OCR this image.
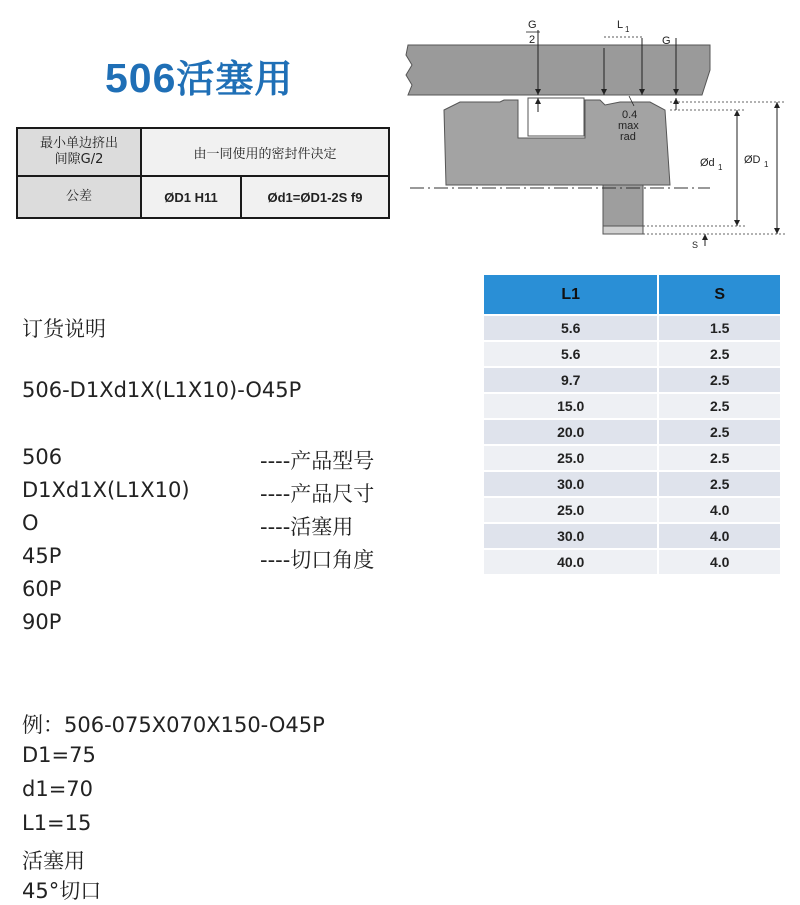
506活塞用
最小单边挤出
间隙G/2	由一同使用的密封件决定	
公差	ØD1 H11	Ød1=ØD1-2S f9
G
2
L 1
G
0.4
max
rad
Ød 1
ØD 1
S
L1	S
5.6	1.5
5.6	2.5
9.7	2.5
15.0	2.5
20.0	2.5
25.0	2.5
30.0	2.5
25.0	4.0
30.0	4.0
40.0	4.0
订货说明
506-D1Xd1X(L1X10)-O45P
506	----产品型号
D1Xd1X(L1X10)	----产品尺寸
O	----活塞用
45P	----切口角度
60P
90P
例：506-075X070X150-O45P
D1=75
d1=70
L1=15
活塞用
45°切口
